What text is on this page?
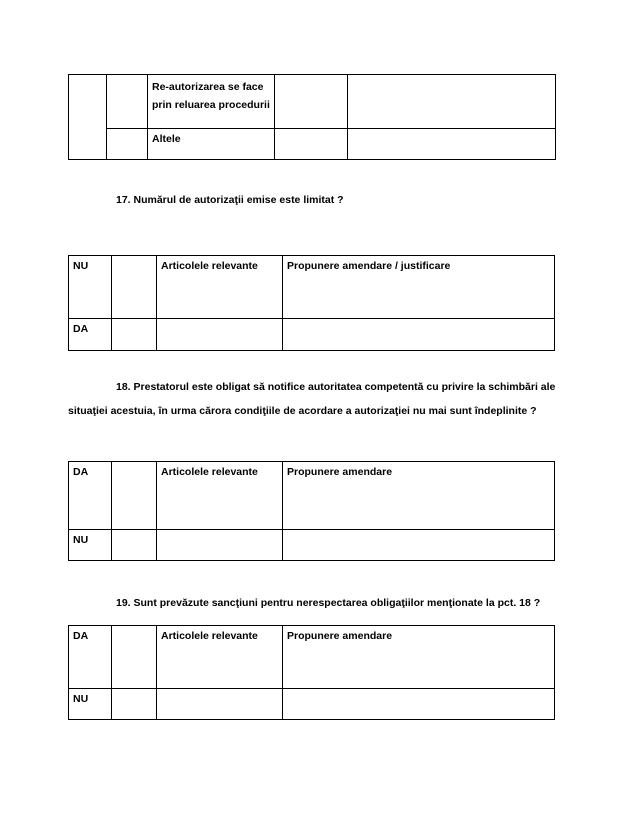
		Re-autorizarea se face
prin reluarea procedurii		

		Altele		

17. Numărul de autorizaţii emise este limitat ?

NU		Articolele relevante	Propunere amendare / justificare

DA			

18. Prestatorul este obligat să notifice autoritatea competentă cu privire la schimbări ale

situaţiei acestuia, în urma cărora condiţiile de acordare a autorizaţiei nu mai sunt îndeplinite ?

DA		Articolele relevante	Propunere amendare

NU			

19. Sunt prevăzute sancţiuni pentru nerespectarea obligaţiilor menţionate la pct. 18 ?

DA		Articolele relevante	Propunere amendare

NU			
